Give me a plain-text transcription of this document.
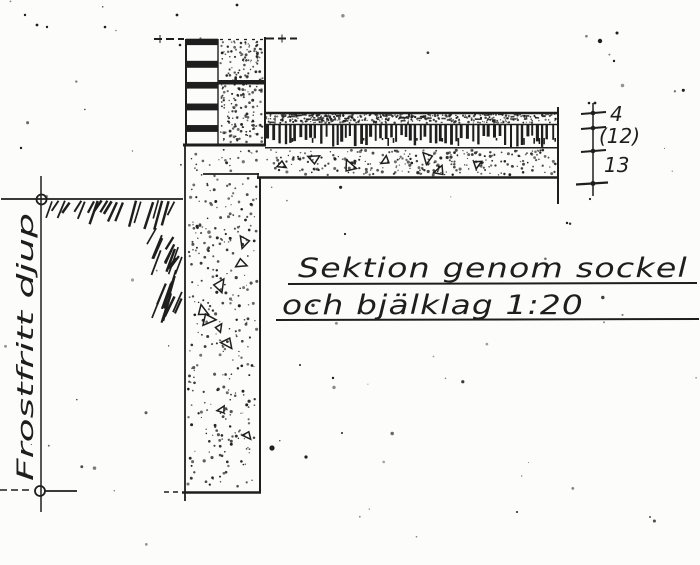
Sektion genom sockel
och bjälklag 1:20
Frostfritt djup
4
(12)
13
